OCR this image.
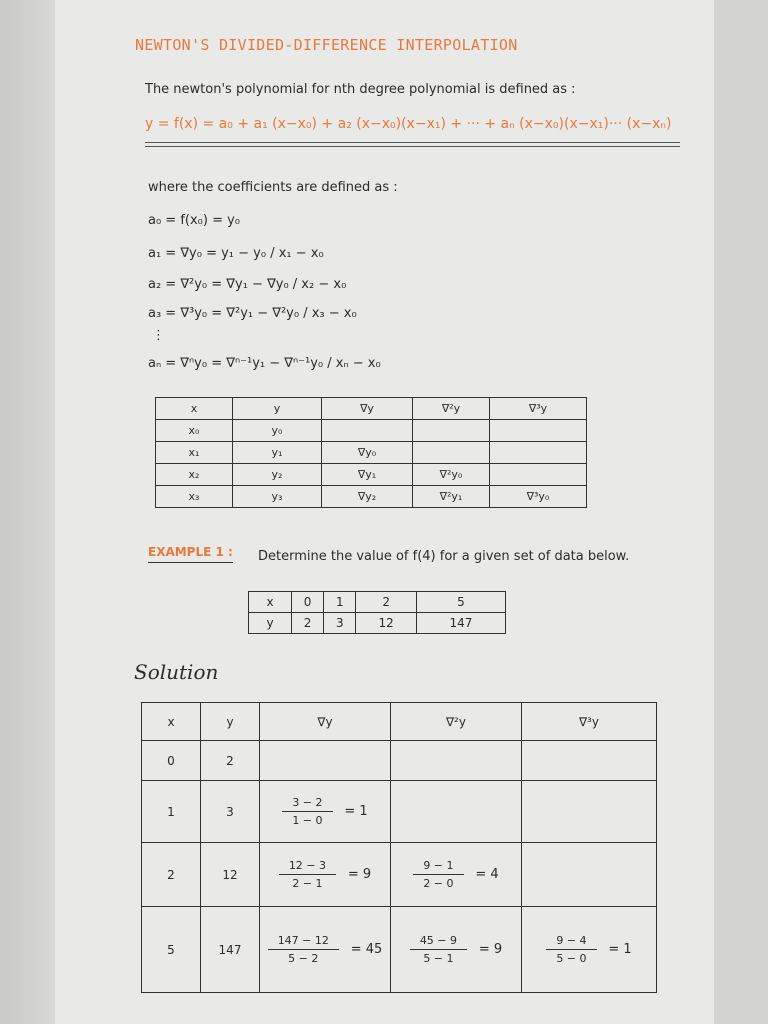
NEWTON'S DIVIDED-DIFFERENCE INTERPOLATION
The newton's polynomial for nth degree polynomial is defined as :
y = f(x) = a₀ + a₁ (x−x₀) + a₂ (x−x₀)(x−x₁) + ··· + aₙ (x−x₀)(x−x₁)··· (x−xₙ)
where the coefficients are defined as :
a₀ = f(x₀) = y₀
a₁ = ∇y₀ = y₁ − y₀ / x₁ − x₀
a₂ = ∇²y₀ = ∇y₁ − ∇y₀ / x₂ − x₀
a₃ = ∇³y₀ = ∇²y₁ − ∇²y₀ / x₃ − x₀
⋮
aₙ = ∇ⁿy₀ = ∇ⁿ⁻¹y₁ − ∇ⁿ⁻¹y₀ / xₙ − x₀
x	y	∇y	∇²y	∇³y
x₀	y₀			
x₁	y₁	∇y₀		
x₂	y₂	∇y₁	∇²y₀	
x₃	y₃	∇y₂	∇²y₁	∇³y₀
EXAMPLE 1 : Determine the value of f(4) for a given set of data below.
x	0	1	2	5
y	2	3	12	147
Solution
x	y	∇y	∇²y	∇³y
0	2			
1	3	$\frac{3 - 2}{1 - 0} = 1$		
2	12	$\frac{12 - 3}{2 - 1} = 9$	$\frac{9 - 1}{2 - 0} = 4$	
5	147	$\frac{147 - 12}{5 - 2} = 45$	$\frac{45 - 9}{5 - 1} = 9$	$\frac{9 - 4}{5 - 0} = 1$
